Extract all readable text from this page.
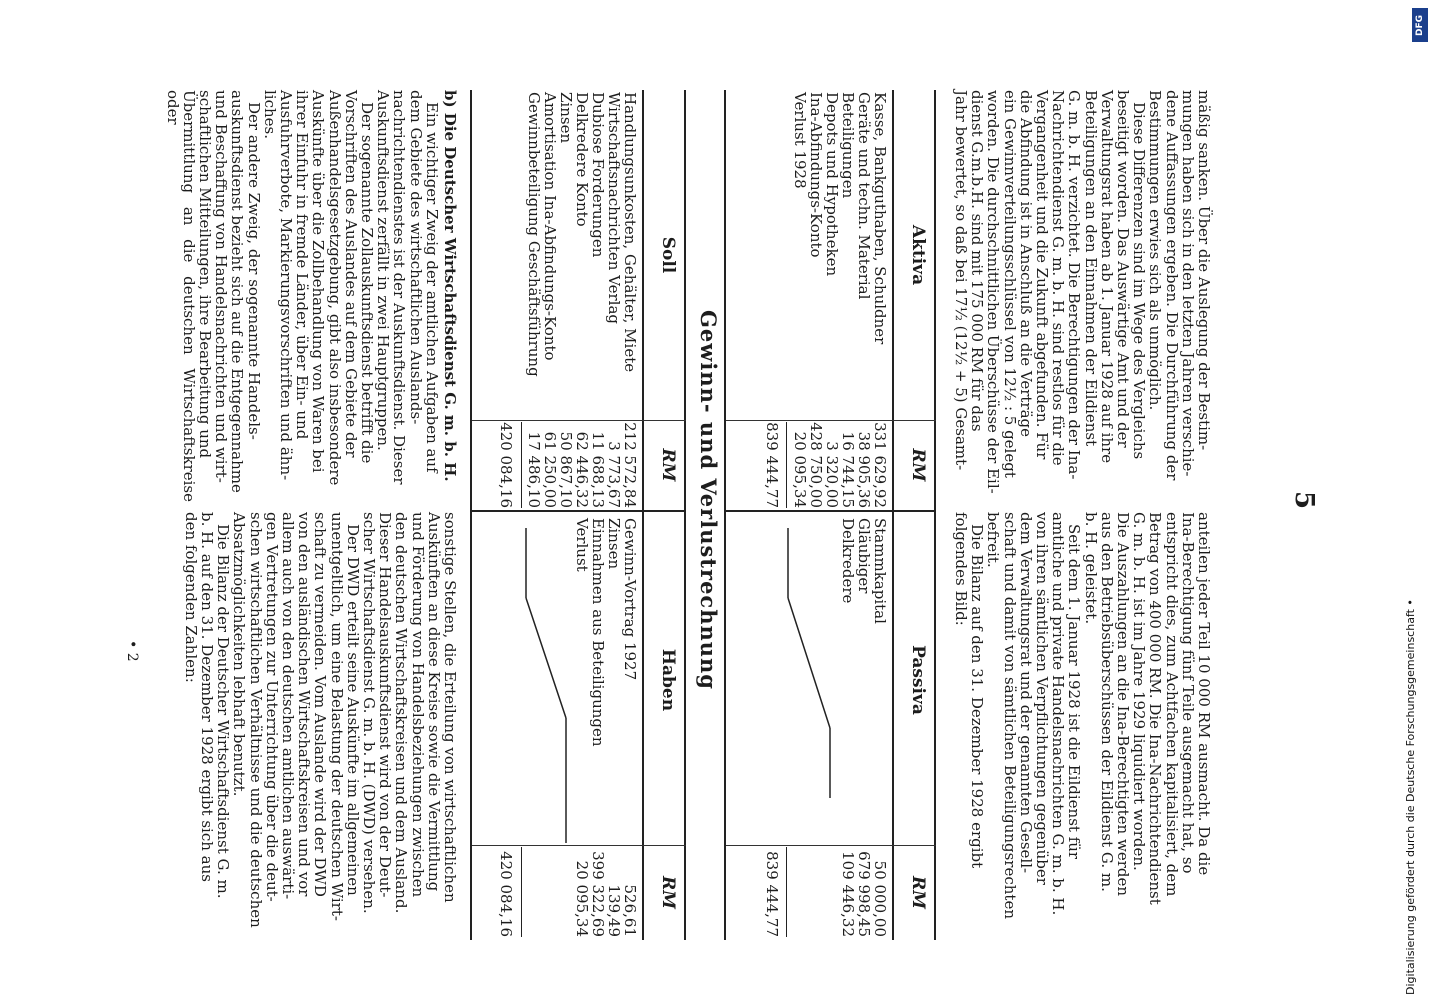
5

mäßig sanken. Über die Auslegung der Bestim-

mungen haben sich in den letzten Jahren verschie-

dene Auffassungen ergeben. Die Durchführung der

Bestimmungen erwies sich als unmöglich.

Diese Differenzen sind im Wege des Vergleichs

beseitigt worden. Das Auswärtige Amt und der

Verwaltungsrat haben ab 1. Januar 1928 auf ihre

Beteiligungen an den Einnahmen der Eildienst

G. m. b. H. verzichtet. Die Berechtigungen der Ina-

Nachrichtendienst G. m. b. H. sind restlos für die

Vergangenheit und die Zukunft abgefunden. Für

die Abfindung ist in Anschluß an die Verträge

ein Gewinnverteilungsschlüssel von 12½ : 5 gelegt

worden. Die durchschnittlichen Überschüsse der Eil-

dienst G.m.b.H. sind mit 175 000 RM für das

Jahr bewertet, so daß bei 17½ (12½ + 5) Gesamt-

anteilen jeder Teil 10 000 RM ausmacht. Da die

Ina-Berechtigung fünf Teile ausgemacht hat, so

entspricht dies, zum Achtfachen kapitalisiert, dem

Betrag von 400 000 RM. Die Ina-Nachrichtendienst

G. m. b. H. ist im Jahre 1929 liquidiert worden.

Die Auszahlungen an die Ina-Berechtigten werden

aus den Betriebsüberschüssen der Eildienst G. m.

b. H. geleistet.

Seit dem 1. Januar 1928 ist die Eildienst für

amtliche und private Handelsnachrichten G. m. b. H.

von ihren sämtlichen Verpflichtungen gegenüber

dem Verwaltungsrat und der genannten Gesell-

schaft und damit von sämtlichen Beteiligungsrechten

befreit.

Die Bilanz auf den 31. Dezember 1928 ergibt

folgendes Bild:

Aktiva
RM
Passiva
RM
Kasse, Bankguthaben, Schuldner
331 629,92
Geräte und techn. Material
38 905,36
Beteiligungen
16 744,15
Depots und Hypotheken
3 320,00
Ina-Abfindungs-Konto
428 750,00
Verlust 1928
20 095,34
839 444,77
Stammkapital
50 000,00
Gläubiger
679 998,45
Delkredere
109 446,32
839 444,77
Gewinn- und Verlustrechnung
Soll
RM
Haben
RM
Handlungsunkosten, Gehälter, Miete
212 572,84
Wirtschaftsnachrichten Verlag
3 773,67
Dubiose Forderungen
11 688,13
Delkredere Konto
62 446,32
Zinsen
50 867,10
Amortisation Ina-Abfindungs-Konto
61 250,00
Gewinnbeteiligung Geschäftsführung
17 486,10
420 084,16
Gewinn-Vortrag 1927
526,61
Zinsen
139,49
Einnahmen aus Beteiligungen
399 322,69
Verlust
20 095,34
420 084,16

b) Die Deutscher Wirtschaftsdienst G. m. b. H.

Ein wichtiger Zweig der amtlichen Aufgaben auf

dem Gebiete des wirtschaftlichen Auslands-

nachrichtendienstes ist der Auskunftsdienst. Dieser

Auskunftsdienst zerfällt in zwei Hauptgruppen.

Der sogenannte Zollauskunftsdienst betrifft die

Vorschriften des Auslandes auf dem Gebiete der

Außenhandelsgesetzgebung, gibt also insbesondere

Auskünfte über die Zollbehandlung von Waren bei

ihrer Einfuhr in fremde Länder, über Ein- und

Ausfuhrverbote, Markierungsvorschriften und ähn-

liches.

Der andere Zweig, der sogenannte Handels-

auskunftsdienst bezieht sich auf die Entgegennahme

und Beschaffung von Handelsnachrichten und wirt-

schaftlichen Mitteilungen, ihre Bearbeitung und

Übermittlung an die deutschen Wirtschaftskreise oder

sonstige Stellen, die Erteilung von wirtschaftlichen

Auskünften an diese Kreise sowie die Vermittlung

und Förderung von Handelsbeziehungen zwischen

den deutschen Wirtschaftskreisen und dem Ausland.

Dieser Handelsauskunftsdienst wird von der Deut-

scher Wirtschaftsdienst G. m. b. H. (DWD) versehen.

Der DWD erteilt seine Auskünfte im allgemeinen

unentgeltlich, um eine Belastung der deutschen Wirt-

schaft zu vermeiden. Vom Auslande wird der DWD

von den ausländischen Wirtschaftskreisen und vor

allem auch von den deutschen amtlichen auswärti-

gen Vertretungen zur Unterrichtung über die deut-

schen wirtschaftlichen Verhältnisse und die deutschen

Absatzmöglichkeiten lebhaft benutzt.

Die Bilanz der Deutscher Wirtschaftsdienst G. m.

b. H. auf den 31. Dezember 1928 ergibt sich aus

den folgenden Zahlen:

• 2
DFG
Digitalisierung gefördert durch die Deutsche Forschungsgemeinschaft •
